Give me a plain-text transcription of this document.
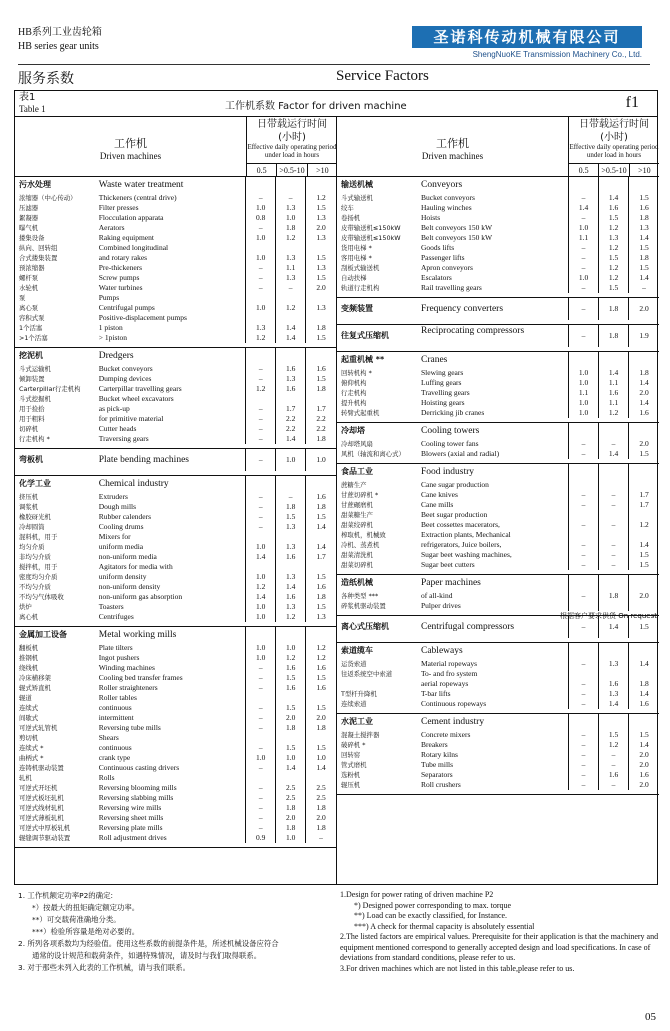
HB系列工业齿轮箱
HB series gear units
圣诺科传动机械有限公司
ShengNuoKE Transmission Machinery Co., Ltd.
服务系数	Service Factors
表1
Table 1	工作机系数 Factor for driven machine	f1
工作机
Driven machines
日带载运行时间
(小时)
Effective daily operating period under load in hours
0.5	>0.5-10	>10
污水处理	Waste water treatment
浓缩器（中心传动）	Thickeners (central drive)	–	–	1.2
压滤器	Filter presses	1.0	1.3	1.5
絮凝器	Flocculation apparata	0.8	1.0	1.3
曝气机	Aerators	–	1.8	2.0
搂集设备	Raking equipment	1.0	1.2	1.3
纵向、回转组	Combined longitudinal
合式搂集装置	and rotary rakes	1.0	1.3	1.5
预浓缩器	Pre-thickeners	–	1.1	1.3
螺杆泵	Screw pumps	–	1.3	1.5
水轮机	Water turbines	–	–	2.0
泵	Pumps
离心泵	Centrifugal pumps	1.0	1.2	1.3
容积式泵	Positive-displacement pumps
1个活塞	1 piston	1.3	1.4	1.8
>1个活塞	> 1piston	1.2	1.4	1.5
挖泥机	Dredgers
斗式运输机	Bucket conveyors	–	1.6	1.6
倾卸装置	Dumping devices	–	1.3	1.5
Carterpillar行走机构	Carterpillar travelling gears	1.2	1.6	1.8
斗式挖掘机	Bucket wheel excavators
用于捡拾	as pick-up	–	1.7	1.7
用于粗料	for primitive material	–	2.2	2.2
切碎机	Cutter heads	–	2.2	2.2
行走机构 *	Traversing gears	–	1.4	1.8
弯板机	Plate bending machines	–	1.0	1.0
化学工业	Chemical industry
挤压机	Extruders	–	–	1.6
调浆机	Dough mills	–	1.8	1.8
橡胶砑光机	Rubber calenders	–	1.5	1.5
冷却圆筒	Cooling drums	–	1.3	1.4
混料机，用于	Mixers for
均匀介质	uniform media	1.0	1.3	1.4
非均匀介质	non-uniform media	1.4	1.6	1.7
搅拌机，用于	Agitators for media with
密度均匀介质	uniform density	1.0	1.3	1.5
不均匀介质	non-uniform density	1.2	1.4	1.6
不均匀气体吸收	non-uniform gas absorption	1.4	1.6	1.8
烘炉	Toasters	1.0	1.3	1.5
离心机	Centrifuges	1.0	1.2	1.3
金属加工设备	Metal working mills
翻板机	Plate tilters	1.0	1.0	1.2
推钢机	Ingot pushers	1.0	1.2	1.2
绕线机	Winding machines	–	1.6	1.6
冷床横移架	Cooling bed transfer frames	–	1.5	1.5
辊式矫直机	Roller straighteners	–	1.6	1.6
辊道	Roller tables
连续式	continuous	–	1.5	1.5
间歇式	intermittent	–	2.0	2.0
可逆式轧管机	Reversing tube mills	–	1.8	1.8
剪切机	Shears
连续式 *	continuous	–	1.5	1.5
曲柄式 *	crank type	1.0	1.0	1.0
连铸机驱动装置	Continuous casting drivers	–	1.4	1.4
轧机	Rolls
可逆式开坯机	Reversing blooming mills	–	2.5	2.5
可逆式板坯轧机	Reversing slabbing mills	–	2.5	2.5
可逆式线材轧机	Reversing wire mills	–	1.8	1.8
可逆式薄板轧机	Reversing sheet mills	–	2.0	2.0
可逆式中厚板轧机	Reversing plate mills	–	1.8	1.8
辊缝调节驱动装置	Roll adjustment drives	0.9	1.0	–
工作机
Driven machines
日带载运行时间
(小时)
Effective daily operating period under load in hours
0.5	>0.5-10	>10
输送机械	Conveyors
斗式输送机	Bucket conveyors	–	1.4	1.5
绞车	Hauling winches	1.4	1.6	1.6
卷扬机	Hoists	–	1.5	1.8
皮带输送机≤150kW	Belt conveyors 150 kW	1.0	1.2	1.3
皮带输送机≤150kW	Belt conveyors 150 kW	1.1	1.3	1.4
货用电梯 *	Goods lifts	–	1.2	1.5
客用电梯 *	Passenger lifts	–	1.5	1.8
刮板式输送机	Apron conveyors	–	1.2	1.5
自动扶梯	Escalators	1.0	1.2	1.4
轨道行走机构	Rail travelling gears	–	1.5	–
变频装置	Frequency converters	–	1.8	2.0
往复式压缩机	Reciprocating compressors	–	1.8	1.9
起重机械 **	Cranes
回转机构 *	Slewing gears	1.0	1.4	1.8
俯仰机构	Luffing gears	1.0	1.1	1.4
行走机构	Travelling gears	1.1	1.6	2.0
提升机构	Hoisting gears	1.0	1.1	1.4
转臂式起重机	Derricking jib cranes	1.0	1.2	1.6
冷却塔	Cooling towers
冷却塔风扇	Cooling tower fans	–	–	2.0
风机（轴流和离心式）	Blowers (axial and radial)	–	1.4	1.5
食品工业	Food industry
蔗糖生产	Cane sugar production
甘蔗切碎机 *	Cane knives	–	–	1.7
甘蔗碾磨机	Cane mills	–	–	1.7
甜菜糖生产	Beet sugar production
甜菜绞碎机	Beet cossettes macerators,	–	–	1.2
榨取机，机械致	Extraction plants, Mechanical
冷机、蒸煮机	refrigerators, Juice boilers,	–	–	1.4
甜菜清洗机	Sugar beet washing machines,	–	–	1.5
甜菜切碎机	Sugar beet cutters	–	–	1.5
根据客户要求供货 On request
造纸机械	Paper machines
各种类型 ***	of all-kind	–	1.8	2.0
碎浆机驱动装置	Pulper drives
离心式压缩机	Centrifugal compressors	–	1.4	1.5
索道缆车	Cableways
运货索道	Material ropeways	–	1.3	1.4
往返系统空中索道	To- and fro system
aerial ropeways	–	1.6	1.8
T型杆升降机	T-bar lifts	–	1.3	1.4
连续索道	Continuous ropeways	–	1.4	1.6
水泥工业	Cement industry
混凝土搅拌器	Concrete mixers	–	1.5	1.5
破碎机 *	Breakers	–	1.2	1.4
回转窑	Rotary kilns	–	–	2.0
管式磨机	Tube mills	–	–	2.0
选粉机	Separators	–	1.6	1.6
辊压机	Roll crushers	–	–	2.0
1. 工作机额定功率P2的确定:
*）按最大的扭矩确定额定功率。
**）可交载荷准确地分类。
***）检验所容量是绝对必要的。
2. 所列各项系数均为经验值。使用这些系数的前提条件是，所述机械设备应符合
通常的设计规范和载荷条件，如遇特殊情况，请及时与我们取得联系。
3. 对于那些未列入此表的工作机械，请与我们联系。
1.Design for power rating of driven machine P2
*) Designed power corresponding to max. torque
**) Load can be exactly classified, for Instance.
***) A check for thermal capacity is absolutely essential
2.The listed factors are empirical values. Prerequisite for their application is that the machinery and equipment mentioned correspond to generally accepted design and load specifications. In case of deviations from standard conditions, please refer to us.
3.For driven machines which are not listed in this table,please refer to us.
05
